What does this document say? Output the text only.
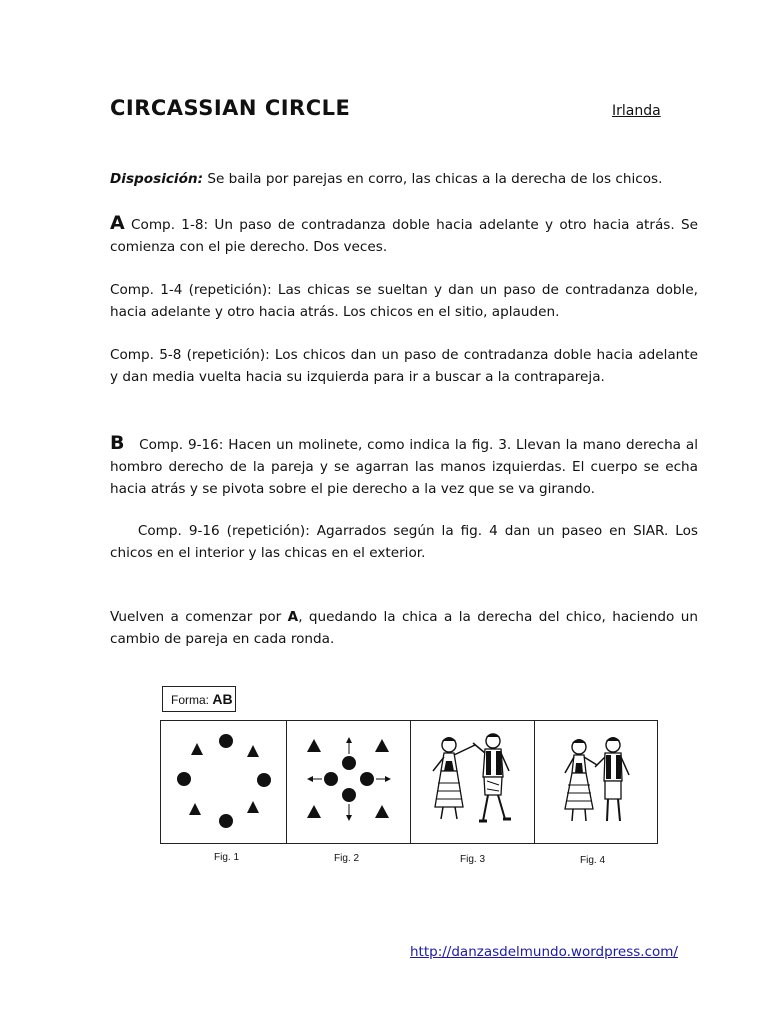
CIRCASSIAN CIRCLE	Irlanda

Disposición: Se baila por parejas en corro, las chicas a la derecha de los chicos.

A Comp. 1-8: Un paso de contradanza doble hacia adelante y otro hacia atrás. Se comienza con el pie derecho. Dos veces.

Comp. 1-4 (repetición): Las chicas se sueltan y dan un paso de contradanza doble, hacia adelante y otro hacia atrás. Los chicos en el sitio, aplauden.

Comp. 5-8 (repetición): Los chicos dan un paso de contradanza doble hacia adelante y dan media vuelta hacia su izquierda para ir a buscar a la contrapareja.

B Comp. 9-16: Hacen un molinete, como indica la fig. 3. Llevan la mano derecha al hombro derecho de la pareja y se agarran las manos izquierdas. El cuerpo se echa hacia atrás y se pivota sobre el pie derecho a la vez que se va girando.

Comp. 9-16 (repetición): Agarrados según la fig. 4 dan un paseo en SIAR. Los chicos en el interior y las chicas en el exterior.

Vuelven a comenzar por A, quedando la chica a la derecha del chico, haciendo un cambio de pareja en cada ronda.

Forma: AB
Fig. 1	Fig. 2	Fig. 3	Fig. 4
http://danzasdelmundo.wordpress.com/
